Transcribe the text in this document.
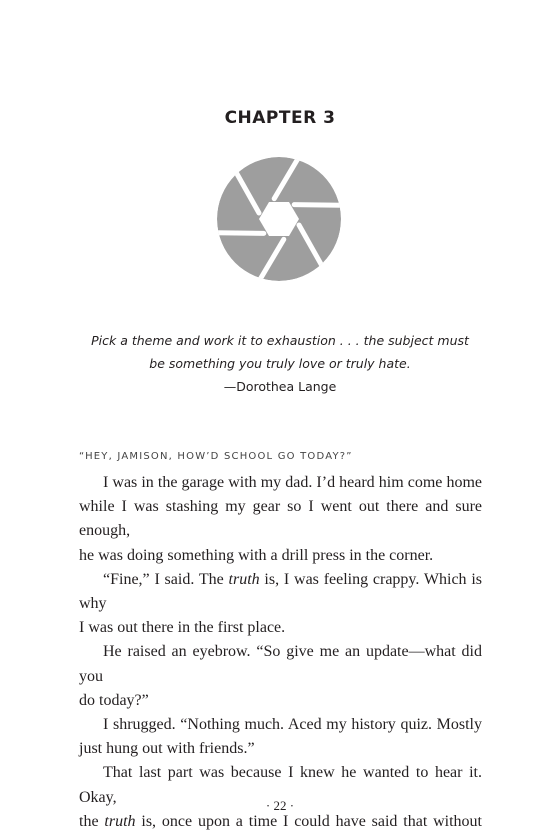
CHAPTER 3
Pick a theme and work it to exhaustion . . . the subject must
be something you truly love or truly hate.
—Dorothea Lange
“HEY, JAMISON, HOW’D SCHOOL GO TODAY?”

I was in the garage with my dad. I’d heard him come home
while I was stashing my gear so I went out there and sure enough,
he was doing something with a drill press in the corner.

“Fine,” I said. The truth is, I was feeling crappy. Which is why
I was out there in the first place.

He raised an eyebrow. “So give me an update—what did you
do today?”

I shrugged. “Nothing much. Aced my history quiz. Mostly
just hung out with friends.”

That last part was because I knew he wanted to hear it. Okay,
the truth is, once upon a time I could have said that without

· 22 ·
